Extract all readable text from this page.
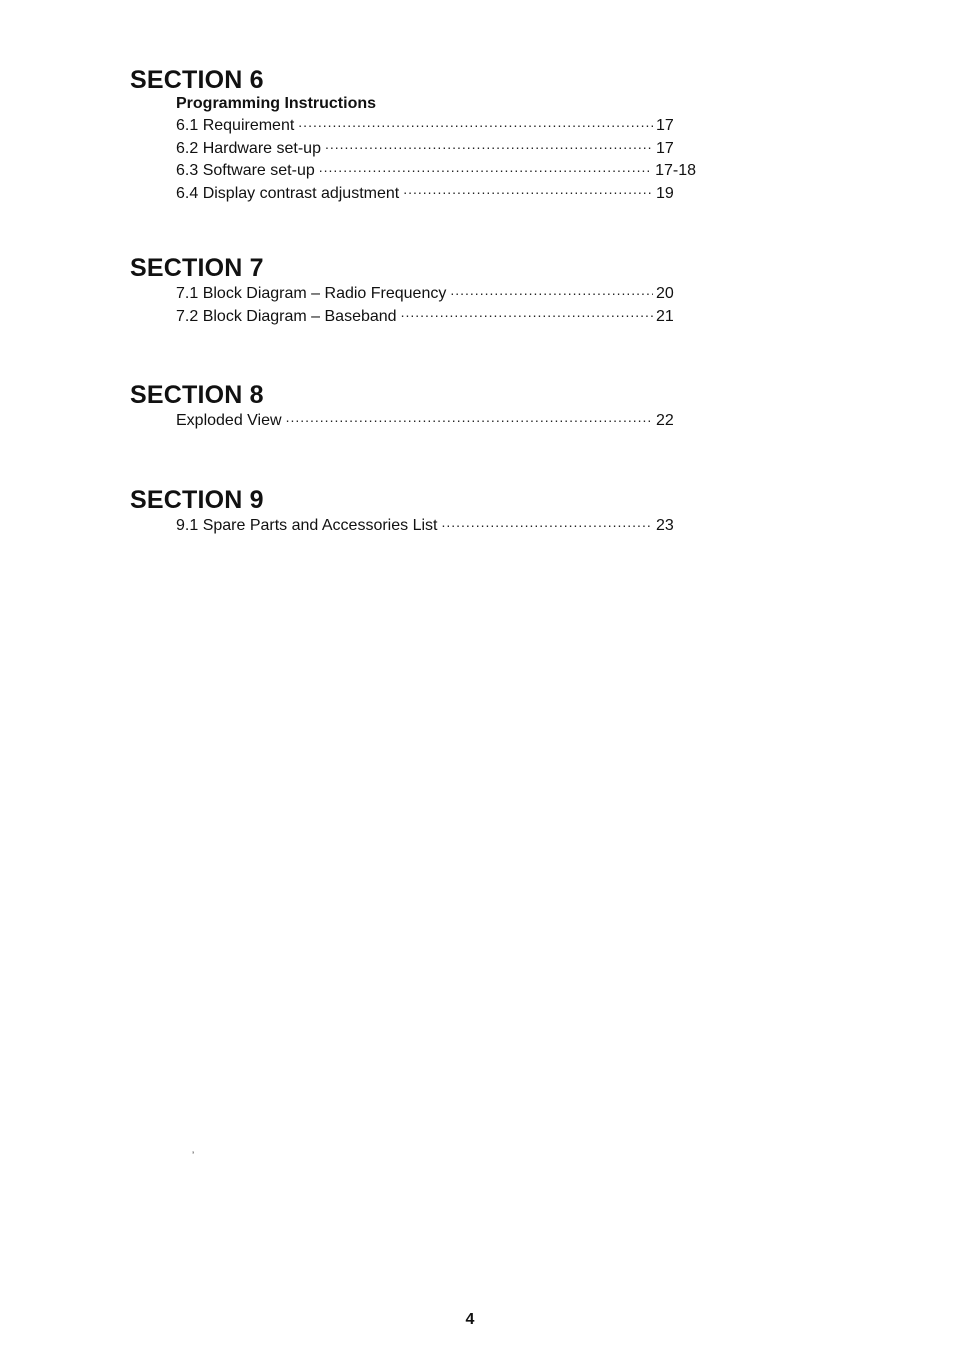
SECTION 6
Programming Instructions
6.1 Requirement .....	17
6.2 Hardware set-up .....	17
6.3 Software set-up .....	17-18
6.4 Display contrast adjustment .....	19
SECTION 7
7.1 Block Diagram – Radio Frequency .....	20
7.2 Block Diagram – Baseband .....	21
SECTION 8
Exploded View .....	22
SECTION 9
9.1 Spare Parts and Accessories List .....	23
ʼ
4
